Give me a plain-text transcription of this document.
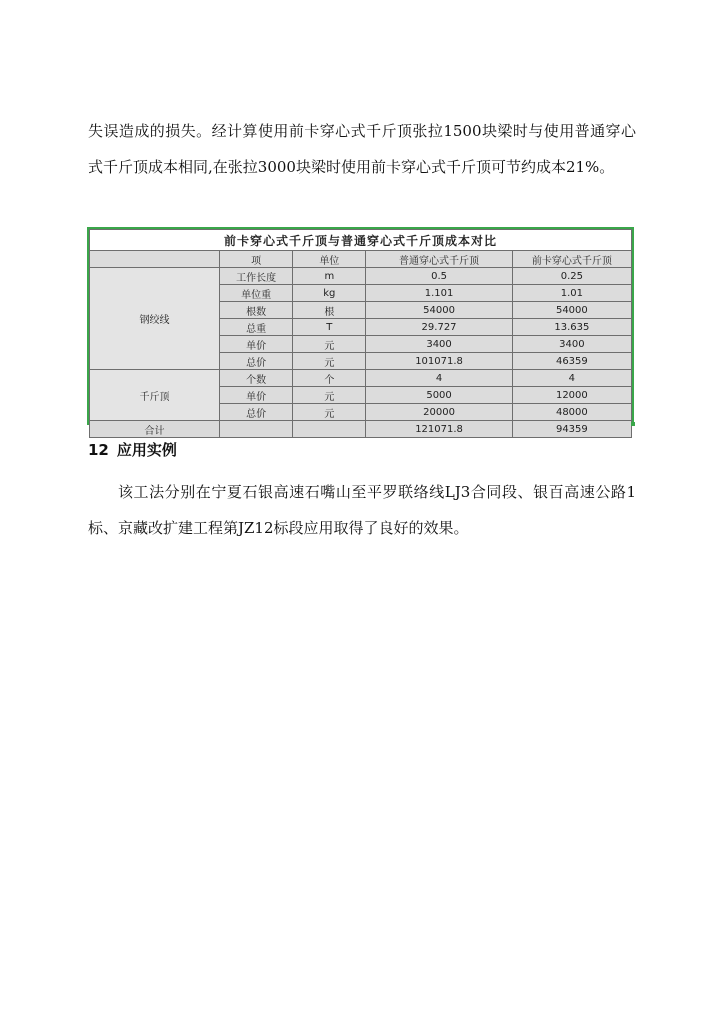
失误造成的损失。经计算使用前卡穿心式千斤顶张拉1500块梁时与使用普通穿心式千斤顶成本相同,在张拉3000块梁时使用前卡穿心式千斤顶可节约成本21%。

前卡穿心式千斤顶与普通穿心式千斤顶成本对比				
	项	单位	普通穿心式千斤顶	前卡穿心式千斤顶
钢绞线	工作长度	m	0.5	0.25
	单位重	kg	1.101	1.01
	根数	根	54000	54000
	总重	T	29.727	13.635
	单价	元	3400	3400
	总价	元	101071.8	46359
千斤顶	个数	个	4	4
	单价	元	5000	12000
	总价	元	20000	48000
合计			121071.8	94359
12 应用实例

该工法分别在宁夏石银高速石嘴山至平罗联络线LJ3合同段、银百高速公路1标、京藏改扩建工程第JZ12标段应用取得了良好的效果。
